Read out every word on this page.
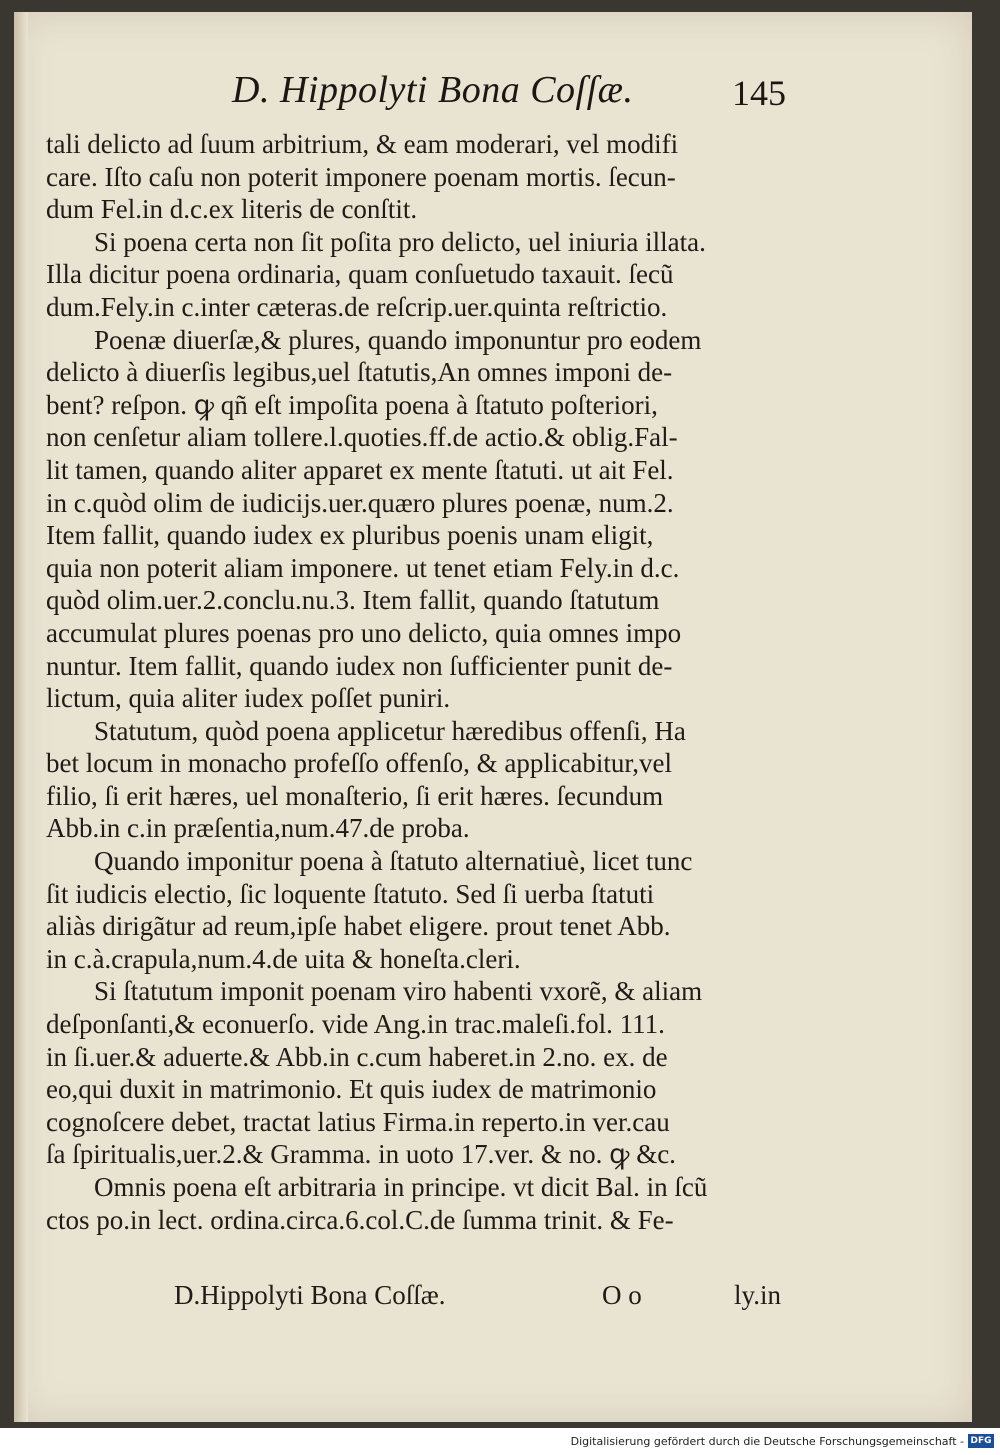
D. Hippolyti Bona Coſſæ.	145
tali delicto ad ſuum arbitrium, & eam moderari, vel modifi
care. Iſto caſu non poterit imponere poenam mortis. ſecun-
dum Fel.in d.c.ex literis de conſtit.
Si poena certa non ſit poſita pro delicto, uel iniuria illata.
Illa dicitur poena ordinaria, quam conſuetudo taxauit. ſecũ
dum.Fely.in c.inter cæteras.de reſcrip.uer.quinta reſtrictio.
Poenæ diuerſæ,& plures, quando imponuntur pro eodem
delicto à diuerſis legibus,uel ſtatutis,An omnes imponi de-
bent? reſpon. ꝙ qñ eſt impoſita poena à ſtatuto poſteriori,
non cenſetur aliam tollere.l.quoties.ff.de actio.& oblig.Fal-
lit tamen, quando aliter apparet ex mente ſtatuti. ut ait Fel.
in c.quòd olim de iudicijs.uer.quæro plures poenæ, num.2.
Item fallit, quando iudex ex pluribus poenis unam eligit,
quia non poterit aliam imponere. ut tenet etiam Fely.in d.c.
quòd olim.uer.2.conclu.nu.3. Item fallit, quando ſtatutum
accumulat plures poenas pro uno delicto, quia omnes impo
nuntur. Item fallit, quando iudex non ſufficienter punit de-
lictum, quia aliter iudex poſſet puniri.
Statutum, quòd poena applicetur hæredibus offenſi, Ha
bet locum in monacho profeſſo offenſo, & applicabitur,vel
filio, ſi erit hæres, uel monaſterio, ſi erit hæres. ſecundum
Abb.in c.in præſentia,num.47.de proba.
Quando imponitur poena à ſtatuto alternatiuè, licet tunc
ſit iudicis electio, ſic loquente ſtatuto. Sed ſi uerba ſtatuti
aliàs dirigãtur ad reum,ipſe habet eligere. prout tenet Abb.
in c.à.crapula,num.4.de uita & honeſta.cleri.
Si ſtatutum imponit poenam viro habenti vxorẽ, & aliam
deſponſanti,& econuerſo. vide Ang.in trac.maleſi.fol. 111.
in ſi.uer.& aduerte.& Abb.in c.cum haberet.in 2.no. ex. de
eo,qui duxit in matrimonio. Et quis iudex de matrimonio
cognoſcere debet, tractat latius Firma.in reperto.in ver.cau
ſa ſpiritualis,uer.2.& Gramma. in uoto 17.ver. & no. ꝙ &c.
Omnis poena eſt arbitraria in principe. vt dicit Bal. in ſcũ
ctos po.in lect. ordina.circa.6.col.C.de ſumma trinit. & Fe-
D.Hippolyti Bona Coſſæ.	O o	ly.in
Digitalisierung gefördert durch die Deutsche Forschungsgemeinschaft - DFG
